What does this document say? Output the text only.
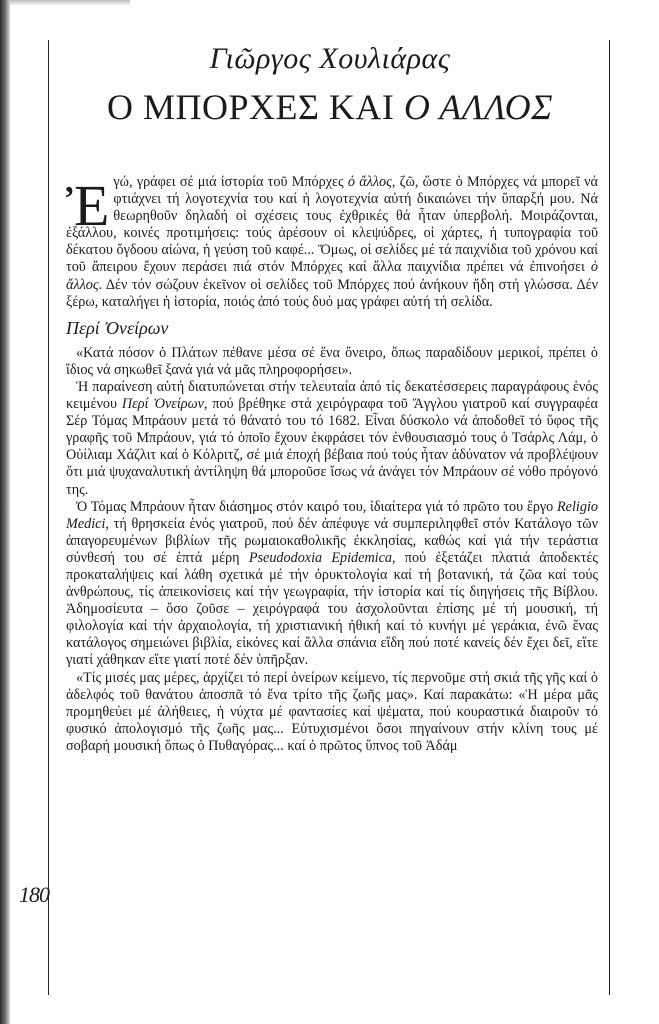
Γιῶργος Χουλιάρας
Ο ΜΠΟΡΧΕΣ ΚΑΙ Ο ΑΛΛΟΣ

Ἐγώ, γράφει σέ μιά ἱστορία τοῦ Μπόρχες ὁ ἄλλος, ζῶ, ὥστε ὁ Μπόρχες νά μπορεῖ νά φτιάχνει τή λογοτεχνία του καί ἡ λογοτεχνία αὐτή δικαιώνει τήν ὕπαρξή μου. Νά θεωρηθοῦν δηλαδή οἱ σχέσεις τους ἐχθρικές θά ἦταν ὑπερβολή. Μοιράζονται, ἐξάλλου, κοινές προτιμήσεις: τούς ἀρέσουν οἱ κλεψύδρες, οἱ χάρτες, ἡ τυπογραφία τοῦ δέκατου ὄγδοου αἰώνα, ἡ γεύση τοῦ καφέ... Ὅμως, οἱ σελίδες μέ τά παιχνίδια τοῦ χρόνου καί τοῦ ἄπειρου ἔχουν περάσει πιά στόν Μπόρχες καί ἄλλα παιχνίδια πρέπει νά ἐπινοήσει ὁ ἄλλος. Δέν τόν σώζουν ἐκεῖνον οἱ σελίδες τοῦ Μπόρχες πού ἀνήκουν ἤδη στή γλώσσα. Δέν ξέρω, καταλήγει ἡ ἱστορία, ποιός ἀπό τούς δυό μας γράφει αὐτή τή σελίδα.

Περί Ὀνείρων

«Κατά πόσον ὁ Πλάτων πέθανε μέσα σέ ἕνα ὄνειρο, ὅπως παραδίδουν μερικοί, πρέπει ὁ ἴδιος νά σηκωθεῖ ξανά γιά νά μᾶς πληροφορήσει».

Ἡ παραίνεση αὐτή διατυπώνεται στήν τελευταία ἀπό τίς δεκατέσσερεις παραγράφους ἑνός κειμένου Περί Ὀνείρων, πού βρέθηκε στά χειρόγραφα τοῦ Ἄγγλου γιατροῦ καί συγγραφέα Σέρ Τόμας Μπράουν μετά τό θάνατό του τό 1682. Εἶναι δύσκολο νά ἀποδοθεῖ τό ὕφος τῆς γραφῆς τοῦ Μπράουν, γιά τό ὁποῖο ἔχουν ἐκφράσει τόν ἐνθουσιασμό τους ὁ Τσάρλς Λάμ, ὁ Οὐίλιαμ Χάζλιτ καί ὁ Κόλριτζ, σέ μιά ἐποχή βέβαια πού τούς ἦταν ἀδύνατον νά προβλέψουν ὅτι μιά ψυχαναλυτική ἀντίληψη θά μποροῦσε ἴσως νά ἀνάγει τόν Μπράουν σέ νόθο πρόγονό της.

Ὁ Τόμας Μπράουν ἦταν διάσημος στόν καιρό του, ἰδιαίτερα γιά τό πρῶτο του ἔργο Religio Medici, τή θρησκεία ἑνός γιατροῦ, πού δέν ἀπέφυγε νά συμπεριληφθεῖ στόν Κατάλογο τῶν ἀπαγορευμένων βιβλίων τῆς ρωμαιοκαθολικῆς ἐκκλησίας, καθώς καί γιά τήν τεράστια σύνθεσή του σέ ἑπτά μέρη Pseudodoxia Epidemica, πού ἐξετάζει πλατιά ἀποδεκτές προκαταλήψεις καί λάθη σχετικά μέ τήν ὀρυκτολογία καί τή βοτανική, τά ζῶα καί τούς ἀνθρώπους, τίς ἀπεικονίσεις καί τήν γεωγραφία, τήν ἱστορία καί τίς διηγήσεις τῆς Βίβλου. Ἀδημοσίευτα – ὅσο ζοῦσε – χειρόγραφά του ἀσχολοῦνται ἐπίσης μέ τή μουσική, τή φιλολογία καί τήν ἀρχαιολογία, τή χριστιανική ἠθική καί τό κυνήγι μέ γεράκια, ἐνῶ ἕνας κατάλογος σημειώνει βιβλία, εἰκόνες καί ἄλλα σπάνια εἴδη πού ποτέ κανείς δέν ἔχει δεῖ, εἴτε γιατί χάθηκαν εἴτε γιατί ποτέ δέν ὑπῆρξαν.

«Τίς μισές μας μέρες, ἀρχίζει τό περί ὀνείρων κείμενο, τίς περνοῦμε στή σκιά τῆς γῆς καί ὁ ἀδελφός τοῦ θανάτου ἀποσπᾶ τό ἕνα τρίτο τῆς ζωῆς μας». Καί παρακάτω: «Ἡ μέρα μᾶς προμηθεύει μέ ἀλήθειες, ἡ νύχτα μέ φαντασίες καί ψέματα, πού κουραστικά διαιροῦν τό φυσικό ἀπολογισμό τῆς ζωῆς μας... Εὐτυχισμένοι ὅσοι πηγαίνουν στήν κλίνη τους μέ σοβαρή μουσική ὅπως ὁ Πυθαγόρας... καί ὁ πρῶτος ὕπνος τοῦ Ἀδάμ

180
